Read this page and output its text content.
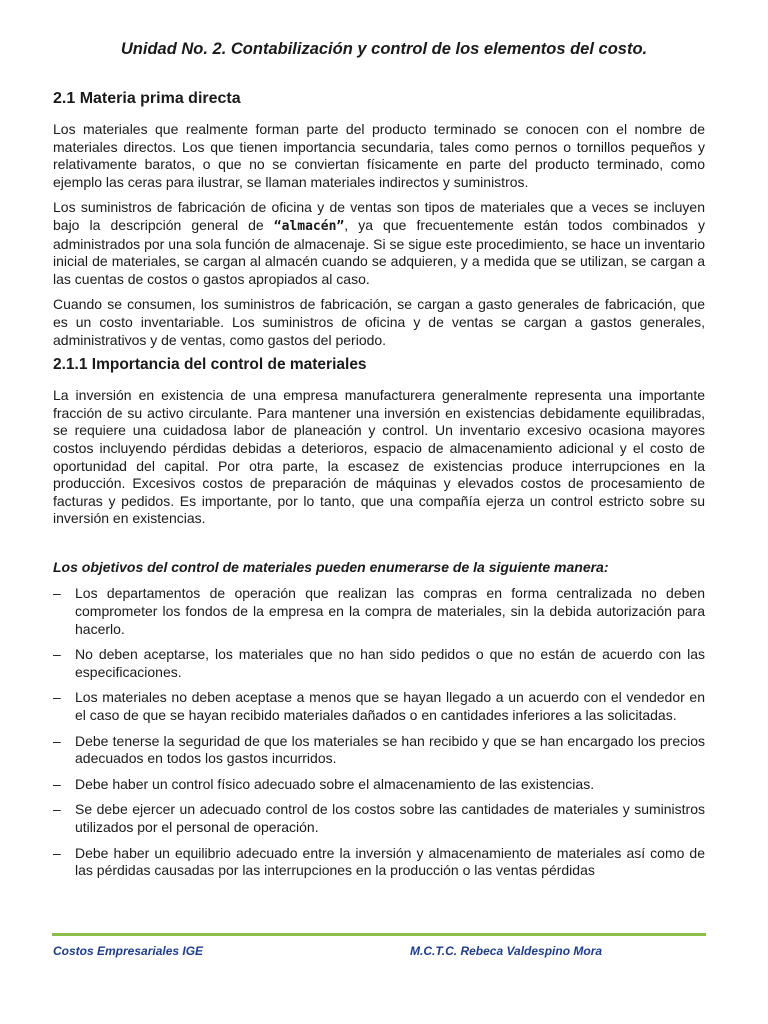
Unidad No. 2. Contabilización y control de los elementos del costo.
2.1 Materia prima directa

Los materiales que realmente forman parte del producto terminado se conocen con el nombre de materiales directos. Los que tienen importancia secundaria, tales como pernos o tornillos pequeños y relativamente baratos, o que no se conviertan físicamente en parte del producto terminado, como ejemplo las ceras para ilustrar, se llaman materiales indirectos y suministros.

Los suministros de fabricación de oficina y de ventas son tipos de materiales que a veces se incluyen bajo la descripción general de “almacén”, ya que frecuentemente están todos combinados y administrados por una sola función de almacenaje. Si se sigue este procedimiento, se hace un inventario inicial de materiales, se cargan al almacén cuando se adquieren, y a medida que se utilizan, se cargan a las cuentas de costos o gastos apropiados al caso.

Cuando se consumen, los suministros de fabricación, se cargan a gasto generales de fabricación, que es un costo inventariable. Los suministros de oficina y de ventas se cargan a gastos generales, administrativos y de ventas, como gastos del periodo.

2.1.1 Importancia del control de materiales

La inversión en existencia de una empresa manufacturera generalmente representa una importante fracción de su activo circulante. Para mantener una inversión en existencias debidamente equilibradas, se requiere una cuidadosa labor de planeación y control. Un inventario excesivo ocasiona mayores costos incluyendo pérdidas debidas a deterioros, espacio de almacenamiento adicional y el costo de oportunidad del capital. Por otra parte, la escasez de existencias produce interrupciones en la producción. Excesivos costos de preparación de máquinas y elevados costos de procesamiento de facturas y pedidos. Es importante, por lo tanto, que una compañía ejerza un control estricto sobre su inversión en existencias.

Los objetivos del control de materiales pueden enumerarse de la siguiente manera:
– Los departamentos de operación que realizan las compras en forma centralizada no deben comprometer los fondos de la empresa en la compra de materiales, sin la debida autorización para hacerlo.
– No deben aceptarse, los materiales que no han sido pedidos o que no están de acuerdo con las especificaciones.
– Los materiales no deben aceptase a menos que se hayan llegado a un acuerdo con el vendedor en el caso de que se hayan recibido materiales dañados o en cantidades inferiores a las solicitadas.
– Debe tenerse la seguridad de que los materiales se han recibido y que se han encargado los precios adecuados en todos los gastos incurridos.
– Debe haber un control físico adecuado sobre el almacenamiento de las existencias.
– Se debe ejercer un adecuado control de los costos sobre las cantidades de materiales y suministros utilizados por el personal de operación.
– Debe haber un equilibrio adecuado entre la inversión y almacenamiento de materiales así como de las pérdidas causadas por las interrupciones en la producción o las ventas pérdidas
Costos Empresariales IGE	M.C.T.C. Rebeca Valdespino Mora
